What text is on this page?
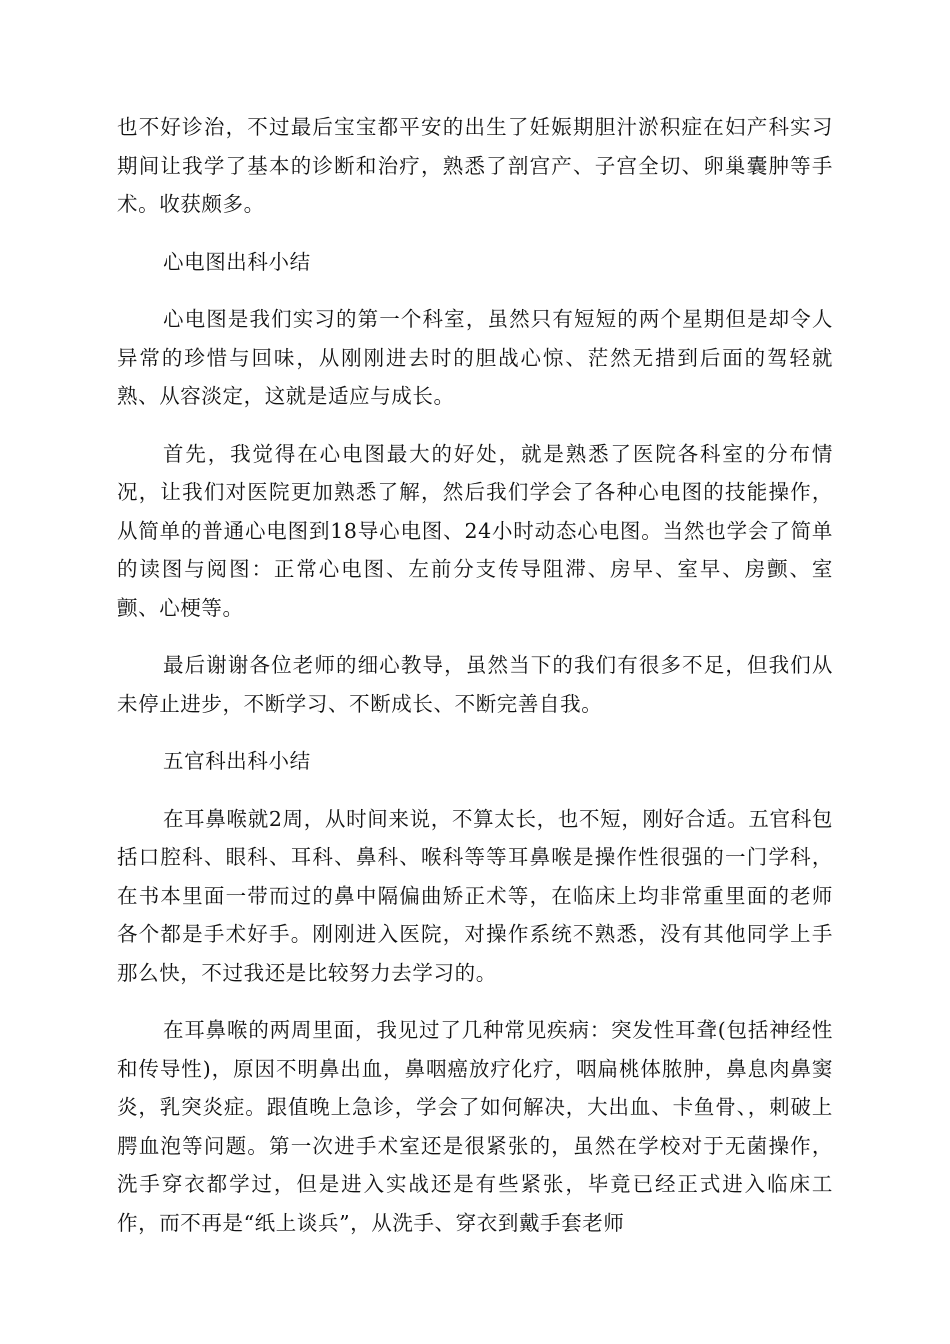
也不好诊治，不过最后宝宝都平安的出生了妊娠期胆汁淤积症在妇产科实习期间让我学了基本的诊断和治疗，熟悉了剖宫产、子宫全切、卵巢囊肿等手术。收获颇多。

心电图出科小结

心电图是我们实习的第一个科室，虽然只有短短的两个星期但是却令人异常的珍惜与回味，从刚刚进去时的胆战心惊、茫然无措到后面的驾轻就熟、从容淡定，这就是适应与成长。

首先，我觉得在心电图最大的好处，就是熟悉了医院各科室的分布情况，让我们对医院更加熟悉了解，然后我们学会了各种心电图的技能操作，从简单的普通心电图到18导心电图、24小时动态心电图。当然也学会了简单的读图与阅图：正常心电图、左前分支传导阻滞、房早、室早、房颤、室颤、心梗等。

最后谢谢各位老师的细心教导，虽然当下的我们有很多不足，但我们从未停止进步，不断学习、不断成长、不断完善自我。

五官科出科小结

在耳鼻喉就2周，从时间来说，不算太长，也不短，刚好合适。五官科包括口腔科、眼科、耳科、鼻科、喉科等等耳鼻喉是操作性很强的一门学科，在书本里面一带而过的鼻中隔偏曲矫正术等，在临床上均非常重里面的老师各个都是手术好手。刚刚进入医院，对操作系统不熟悉，没有其他同学上手那么快，不过我还是比较努力去学习的。

在耳鼻喉的两周里面，我见过了几种常见疾病：突发性耳聋(包括神经性和传导性)，原因不明鼻出血，鼻咽癌放疗化疗，咽扁桃体脓肿，鼻息肉鼻窦炎，乳突炎症。跟值晚上急诊，学会了如何解决，大出血、卡鱼骨、，刺破上腭血泡等问题。第一次进手术室还是很紧张的，虽然在学校对于无菌操作，洗手穿衣都学过，但是进入实战还是有些紧张，毕竟已经正式进入临床工作，而不再是“纸上谈兵”，从洗手、穿衣到戴手套老师
